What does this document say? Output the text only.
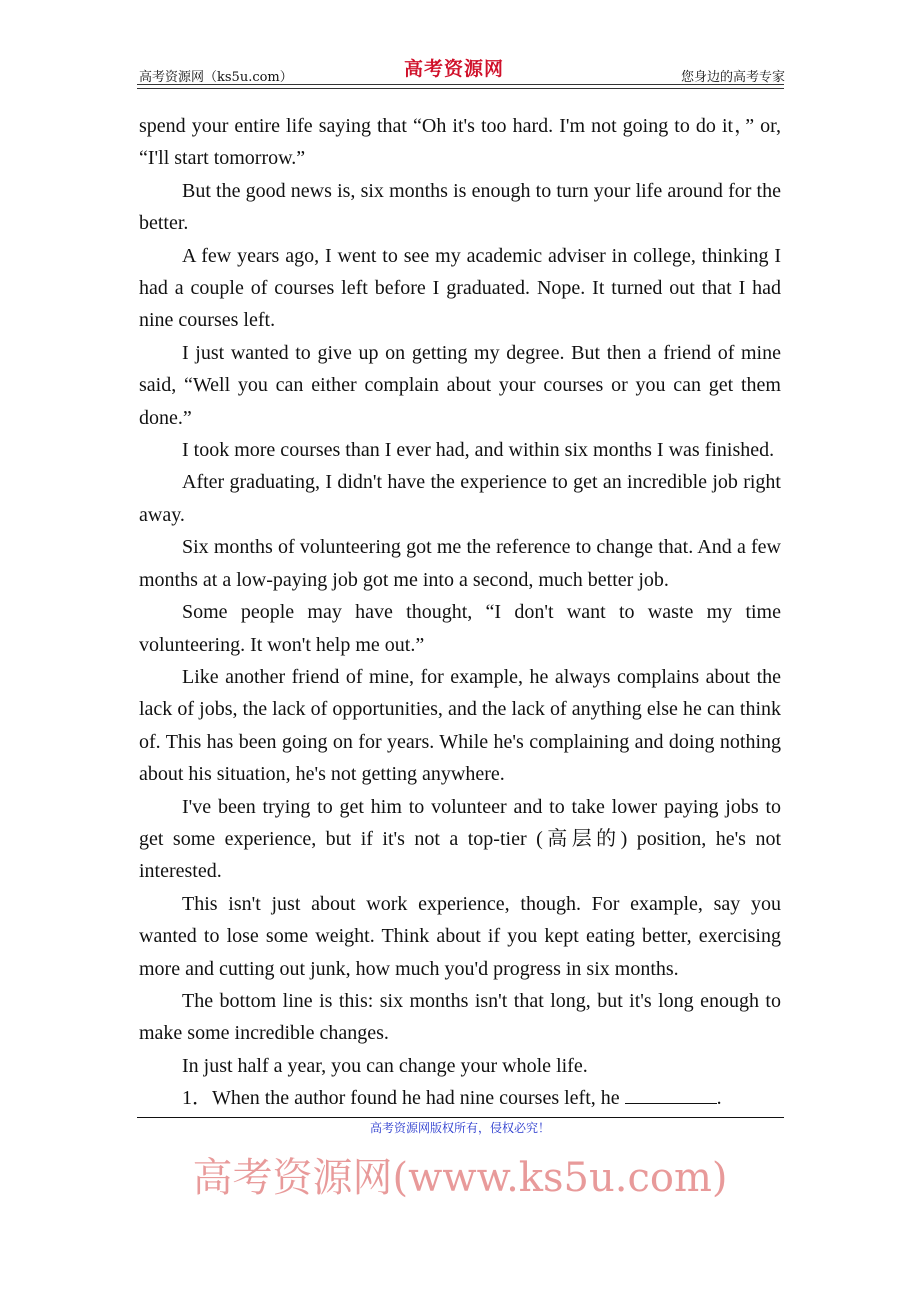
高考资源网（ks5u.com）	高考资源网	您身边的高考专家

spend your entire life saying that “Oh it's too hard. I'm not going to do it，” or, “I'll start tomorrow.”

But the good news is, six months is enough to turn your life around for the better.

A few years ago, I went to see my academic adviser in college, thinking I had a couple of courses left before I graduated. Nope. It turned out that I had nine courses left.

I just wanted to give up on getting my degree. But then a friend of mine said, “Well you can either complain about your courses or you can get them done.”

I took more courses than I ever had, and within six months I was finished.

After graduating, I didn't have the experience to get an incredible job right away.

Six months of volunteering got me the reference to change that. And a few months at a low-paying job got me into a second, much better job.

Some people may have thought, “I don't want to waste my time volunteering. It won't help me out.”

Like another friend of mine, for example, he always complains about the lack of jobs, the lack of opportunities, and the lack of anything else he can think of. This has been going on for years. While he's complaining and doing nothing about his situation, he's not getting anywhere.

I've been trying to get him to volunteer and to take lower paying jobs to get some experience, but if it's not a top-tier (高层的) position, he's not interested.

This isn't just about work experience, though. For example, say you wanted to lose some weight. Think about if you kept eating better, exercising more and cutting out junk, how much you'd progress in six months.

The bottom line is this: six months isn't that long, but it's long enough to make some incredible changes.

In just half a year, you can change your whole life.

1．When the author found he had nine courses left, he	.

高考资源网版权所有，侵权必究！
高考资源网(www.ks5u.com)
